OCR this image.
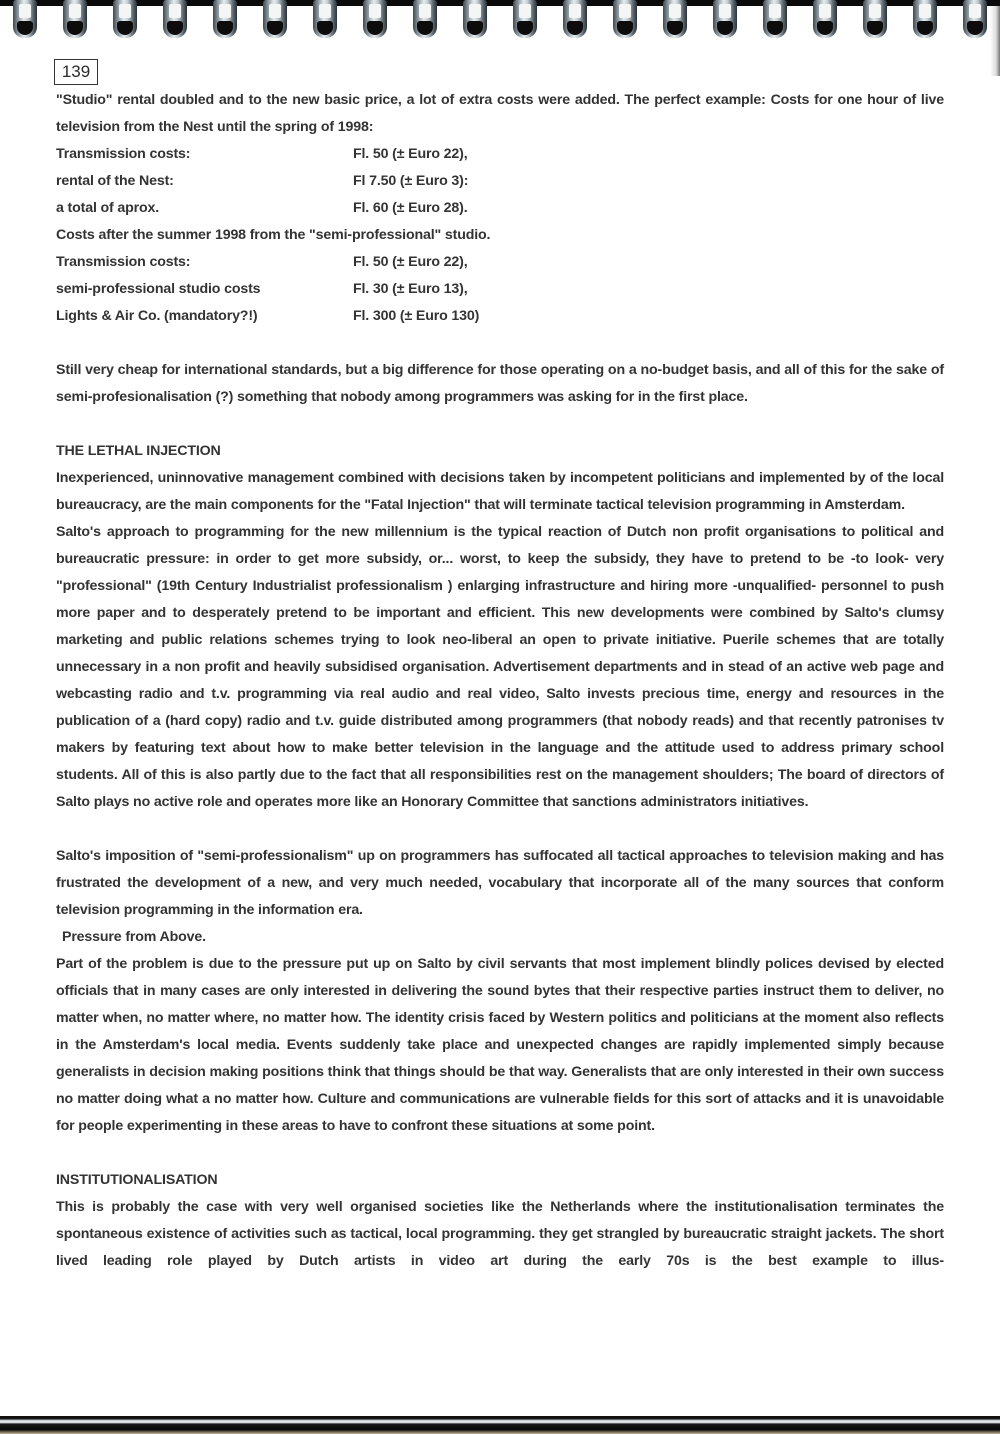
139

"Studio" rental doubled and to the new basic price, a lot of extra costs were added. The perfect example: Costs for one hour of live television from the Nest until the spring of 1998:

Transmission costs:	Fl. 50 (± Euro 22),
rental of the Nest:	Fl 7.50 (± Euro 3):
a total of aprox.	Fl. 60 (± Euro 28).
Costs after the summer 1998 from the "semi-professional" studio.
Transmission costs:	Fl. 50 (± Euro 22),
semi-professional studio costs	Fl. 30 (± Euro 13),
Lights & Air Co. (mandatory?!)	Fl. 300 (± Euro 130)

Still very cheap for international standards, but a big difference for those operating on a no-budget basis, and all of this for the sake of semi-profesionalisation (?) something that nobody among programmers was asking for in the first place.

THE LETHAL INJECTION

Inexperienced, uninnovative management combined with decisions taken by incompetent politicians and implemented by of the local bureaucracy, are the main components for the "Fatal Injection" that will terminate tactical television programming in Amsterdam.

Salto's approach to programming for the new millennium is the typical reaction of Dutch non profit organisations to political and bureaucratic pressure: in order to get more subsidy, or... worst, to keep the subsidy, they have to pretend to be -to look- very "professional" (19th Century Industrialist professionalism ) enlarging infrastructure and hiring more -unqualified- personnel to push more paper and to desperately pretend to be important and efficient. This new developments were combined by Salto's clumsy marketing and public relations schemes trying to look neo-liberal an open to private initiative. Puerile schemes that are totally unnecessary in a non profit and heavily subsidised organisation. Advertisement departments and in stead of an active web page and webcasting radio and t.v. programming via real audio and real video, Salto invests precious time, energy and resources in the publication of a (hard copy) radio and t.v. guide distributed among programmers (that nobody reads) and that recently patronises tv makers by featuring text about how to make better television in the language and the attitude used to address primary school students. All of this is also partly due to the fact that all responsibilities rest on the management shoulders; The board of directors of Salto plays no active role and operates more like an Honorary Committee that sanctions administrators initiatives.

Salto's imposition of "semi-professionalism" up on programmers has suffocated all tactical approaches to television making and has frustrated the development of a new, and very much needed, vocabulary that incorporate all of the many sources that conform television programming in the information era.

Pressure from Above.

Part of the problem is due to the pressure put up on Salto by civil servants that most implement blindly polices devised by elected officials that in many cases are only interested in delivering the sound bytes that their respective parties instruct them to deliver, no matter when, no matter where, no matter how. The identity crisis faced by Western politics and politicians at the moment also reflects in the Amsterdam's local media. Events suddenly take place and unexpected changes are rapidly implemented simply because generalists in decision making positions think that things should be that way. Generalists that are only interested in their own success no matter doing what a no matter how. Culture and communications are vulnerable fields for this sort of attacks and it is unavoidable for people experimenting in these areas to have to confront these situations at some point.

INSTITUTIONALISATION

This is probably the case with very well organised societies like the Netherlands where the institutionalisation terminates the spontaneous existence of activities such as tactical, local programming. they get strangled by bureaucratic straight jackets. The short lived leading role played by Dutch artists in video art during the early 70s is the best example to illus-
